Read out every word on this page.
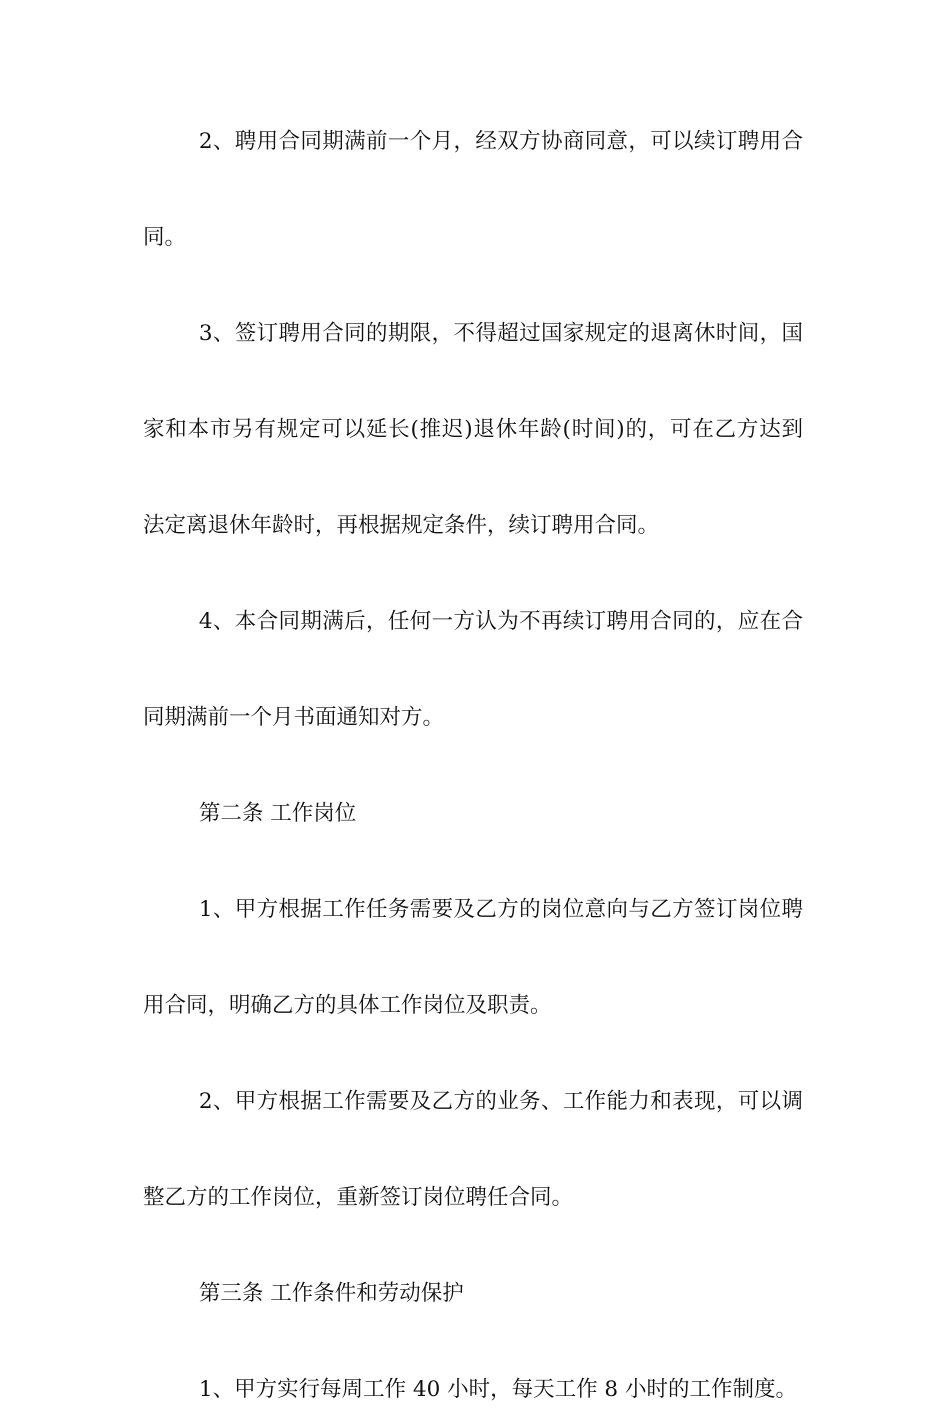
2、聘用合同期满前一个月，经双方协商同意，可以续订聘用合
同。

3、签订聘用合同的期限，不得超过国家规定的退离休时间，国
家和本市另有规定可以延长(推迟)退休年龄(时间)的，可在乙方达到
法定离退休年龄时，再根据规定条件，续订聘用合同。

4、本合同期满后，任何一方认为不再续订聘用合同的，应在合
同期满前一个月书面通知对方。

第二条 工作岗位

1、甲方根据工作任务需要及乙方的岗位意向与乙方签订岗位聘
用合同，明确乙方的具体工作岗位及职责。

2、甲方根据工作需要及乙方的业务、工作能力和表现，可以调
整乙方的工作岗位，重新签订岗位聘任合同。

第三条 工作条件和劳动保护

1、甲方实行每周工作 40 小时，每天工作 8 小时的工作制度。
